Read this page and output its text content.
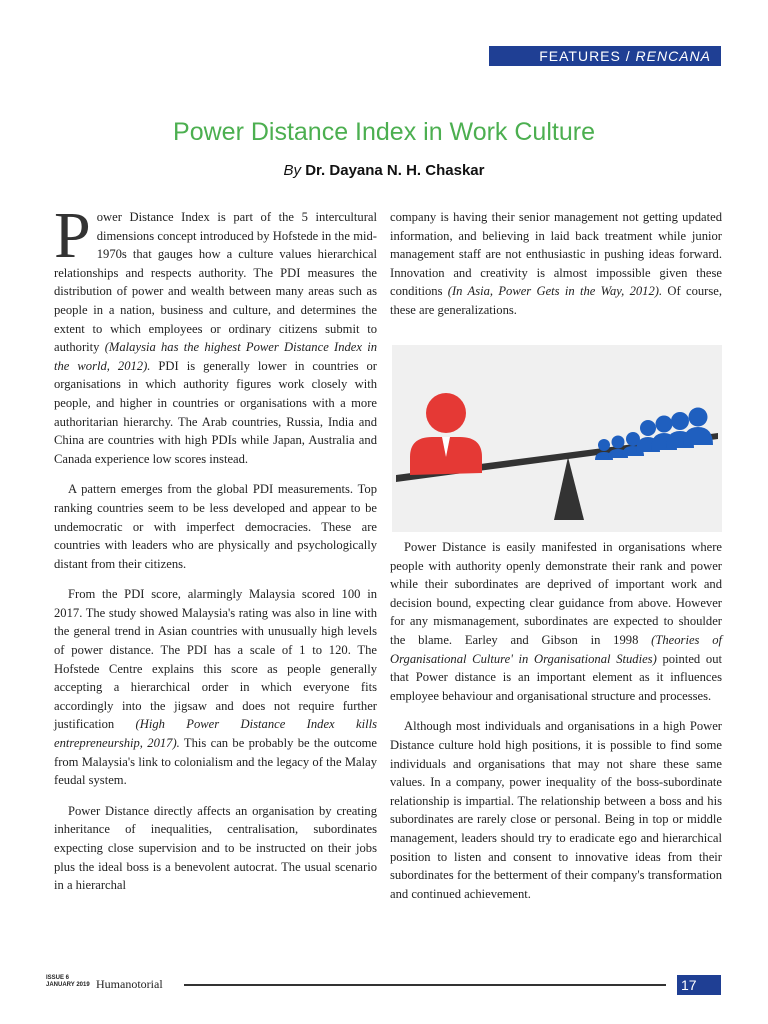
FEATURES / RENCANA
Power Distance Index in Work Culture
By Dr. Dayana N. H. Chaskar

Power Distance Index is part of the 5 intercultural dimensions concept introduced by Hofstede in the mid-1970s that gauges how a culture values hierarchical relationships and respects authority. The PDI measures the distribution of power and wealth between many areas such as people in a nation, business and culture, and determines the extent to which employees or ordinary citizens submit to authority (Malaysia has the highest Power Distance Index in the world, 2012). PDI is generally lower in countries or organisations in which authority figures work closely with people, and higher in countries or organisations with a more authoritarian hierarchy. The Arab countries, Russia, India and China are countries with high PDIs while Japan, Australia and Canada experience low scores instead.

A pattern emerges from the global PDI measurements. Top ranking countries seem to be less developed and appear to be undemocratic or with imperfect democracies. These are countries with leaders who are physically and psychologically distant from their citizens.

From the PDI score, alarmingly Malaysia scored 100 in 2017. The study showed Malaysia's rating was also in line with the general trend in Asian countries with unusually high levels of power distance. The PDI has a scale of 1 to 120. The Hofstede Centre explains this score as people generally accepting a hierarchical order in which everyone fits accordingly into the jigsaw and does not require further justification (High Power Distance Index kills entrepreneurship, 2017). This can be probably be the outcome from Malaysia's link to colonialism and the legacy of the Malay feudal system.

Power Distance directly affects an organisation by creating inheritance of inequalities, centralisation, subordinates expecting close supervision and to be instructed on their jobs plus the ideal boss is a benevolent autocrat. The usual scenario in a hierarchal

company is having their senior management not getting updated information, and believing in laid back treatment while junior management staff are not enthusiastic in pushing ideas forward. Innovation and creativity is almost impossible given these conditions (In Asia, Power Gets in the Way, 2012). Of course, these are generalizations.

Power Distance is easily manifested in organisations where people with authority openly demonstrate their rank and power while their subordinates are deprived of important work and decision bound, expecting clear guidance from above. However for any mismanagement, subordinates are expected to shoulder the blame. Earley and Gibson in 1998 (Theories of Organisational Culture' in Organisational Studies) pointed out that Power distance is an important element as it influences employee behaviour and organisational structure and processes.

Although most individuals and organisations in a high Power Distance culture hold high positions, it is possible to find some individuals and organisations that may not share these same values. In a company, power inequality of the boss-subordinate relationship is impartial. The relationship between a boss and his subordinates are rarely close or personal. Being in top or middle management, leaders should try to eradicate ego and hierarchical position to listen and consent to innovative ideas from their subordinates for the betterment of their company's transformation and continued achievement.

ISSUE 6
JANUARY 2019 Humanotorial	17
